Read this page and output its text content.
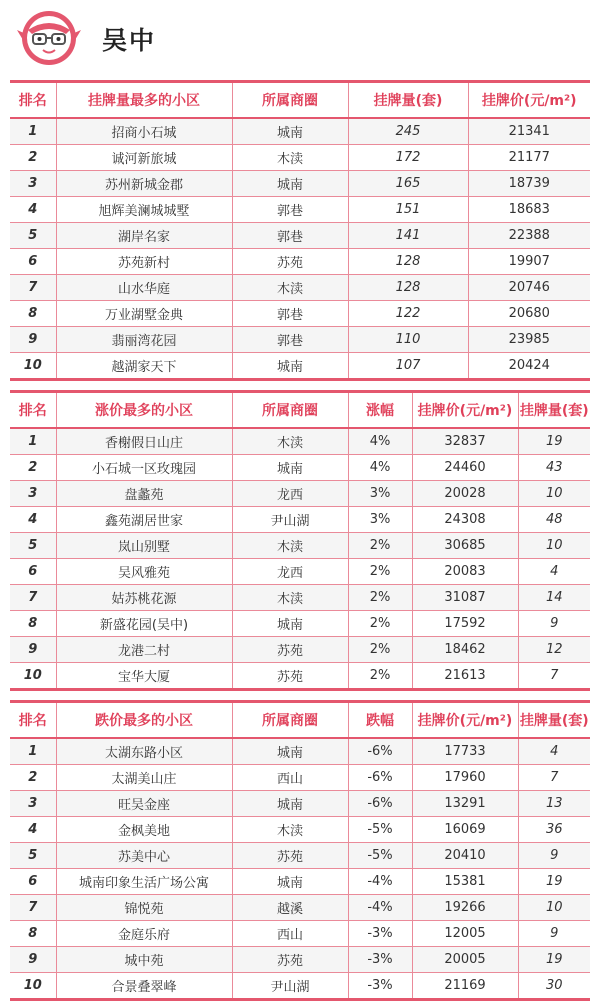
吴中
排名	挂牌量最多的小区	所属商圈	挂牌量(套)	挂牌价(元/m²)
1	招商小石城	城南	245	21341
2	诚河新旅城	木渎	172	21177
3	苏州新城金郡	城南	165	18739
4	旭辉美澜城城墅	郭巷	151	18683
5	湖岸名家	郭巷	141	22388
6	苏苑新村	苏苑	128	19907
7	山水华庭	木渎	128	20746
8	万业湖墅金典	郭巷	122	20680
9	翡丽湾花园	郭巷	110	23985
10	越湖家天下	城南	107	20424
排名	涨价最多的小区	所属商圈	涨幅	挂牌价(元/m²)	挂牌量(套)
1	香榭假日山庄	木渎	4%	32837	19
2	小石城一区玫瑰园	城南	4%	24460	43
3	盘蠡苑	龙西	3%	20028	10
4	鑫苑湖居世家	尹山湖	3%	24308	48
5	岚山别墅	木渎	2%	30685	10
6	吴风雅苑	龙西	2%	20083	4
7	姑苏桃花源	木渎	2%	31087	14
8	新盛花园(吴中)	城南	2%	17592	9
9	龙港二村	苏苑	2%	18462	12
10	宝华大厦	苏苑	2%	21613	7
排名	跌价最多的小区	所属商圈	跌幅	挂牌价(元/m²)	挂牌量(套)
1	太湖东路小区	城南	-6%	17733	4
2	太湖美山庄	西山	-6%	17960	7
3	旺吴金座	城南	-6%	13291	13
4	金枫美地	木渎	-5%	16069	36
5	苏美中心	苏苑	-5%	20410	9
6	城南印象生活广场公寓	城南	-4%	15381	19
7	锦悦苑	越溪	-4%	19266	10
8	金庭乐府	西山	-3%	12005	9
9	城中苑	苏苑	-3%	20005	19
10	合景叠翠峰	尹山湖	-3%	21169	30
